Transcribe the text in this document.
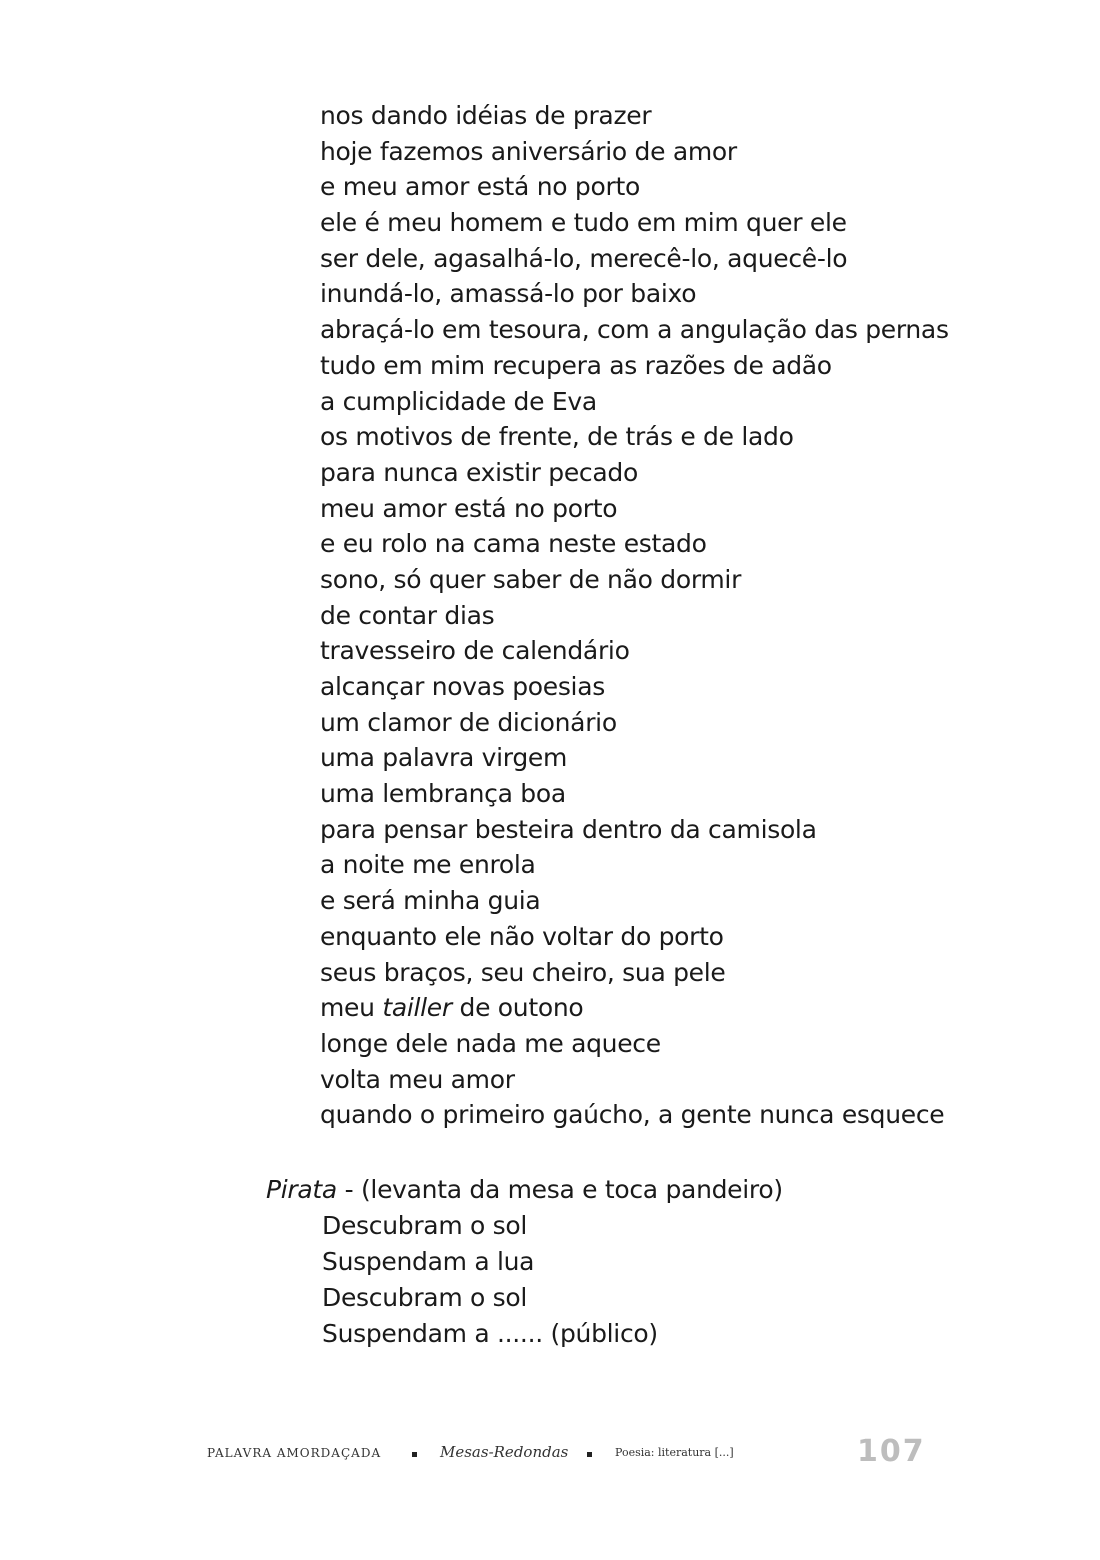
nos dando idéias de prazer
hoje fazemos aniversário de amor
e meu amor está no porto
ele é meu homem e tudo em mim quer ele
ser dele, agasalhá-lo, merecê-lo, aquecê-lo
inundá-lo, amassá-lo por baixo
abraçá-lo em tesoura, com a angulação das pernas
tudo em mim recupera as razões de adão
a cumplicidade de Eva
os motivos de frente, de trás e de lado
para nunca existir pecado
meu amor está no porto
e eu rolo na cama neste estado
sono, só quer saber de não dormir
de contar dias
travesseiro de calendário
alcançar novas poesias
um clamor de dicionário
uma palavra virgem
uma lembrança boa
para pensar besteira dentro da camisola
a noite me enrola
e será minha guia
enquanto ele não voltar do porto
seus braços, seu cheiro, sua pele
meu tailler de outono
longe dele nada me aquece
volta meu amor
quando o primeiro gaúcho, a gente nunca esquece
Pirata - (levanta da mesa e toca pandeiro)
Descubram o sol
Suspendam a lua
Descubram o sol
Suspendam a ...... (público)
PALAVRA AMORDAÇADA	Mesas-Redondas	Poesia: literatura [...]	107
